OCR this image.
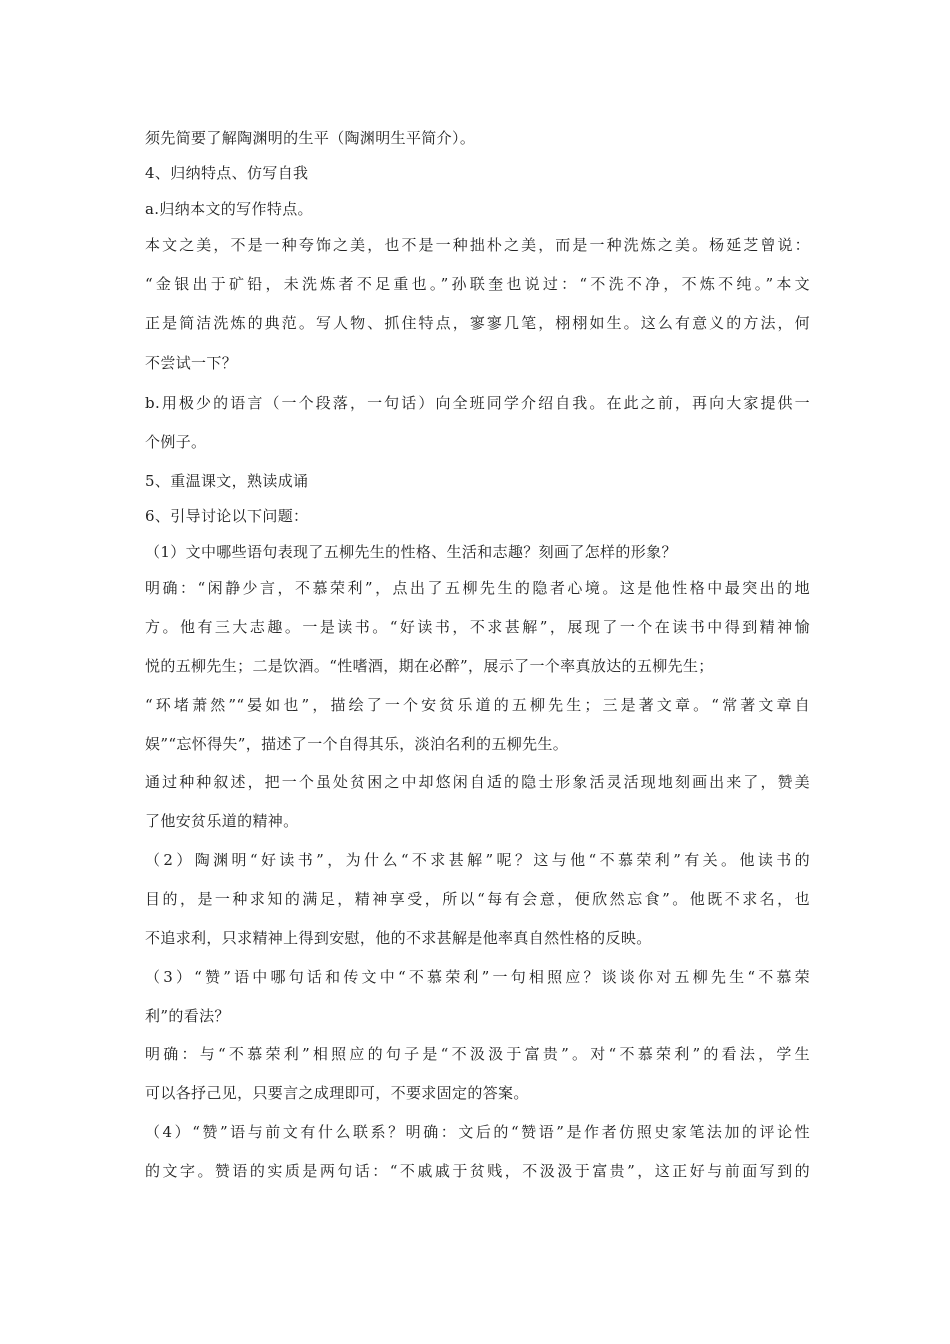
须先简要了解陶渊明的生平（陶渊明生平简介）。
4、归纳特点、仿写自我
a.归纳本文的写作特点。
本文之美，不是一种夸饰之美，也不是一种拙朴之美，而是一种洗炼之美。杨延芝曾说：
“金银出于矿铅，未洗炼者不足重也。”孙联奎也说过：“不洗不净，不炼不纯。”本文
正是简洁洗炼的典范。写人物、抓住特点，寥寥几笔，栩栩如生。这么有意义的方法，何
不尝试一下？
b.用极少的语言（一个段落，一句话）向全班同学介绍自我。在此之前，再向大家提供一
个例子。
5、重温课文，熟读成诵
6、引导讨论以下问题：
（1）文中哪些语句表现了五柳先生的性格、生活和志趣？刻画了怎样的形象？
明确：“闲静少言，不慕荣利”，点出了五柳先生的隐者心境。这是他性格中最突出的地
方。他有三大志趣。一是读书。“好读书，不求甚解”，展现了一个在读书中得到精神愉
悦的五柳先生；二是饮酒。“性嗜酒，期在必醉”，展示了一个率真放达的五柳先生；
“环堵萧然”“晏如也”，描绘了一个安贫乐道的五柳先生；三是著文章。“常著文章自
娱”“忘怀得失”，描述了一个自得其乐，淡泊名利的五柳先生。
通过种种叙述，把一个虽处贫困之中却悠闲自适的隐士形象活灵活现地刻画出来了，赞美
了他安贫乐道的精神。
（2）陶渊明“好读书”，为什么“不求甚解”呢？这与他“不慕荣利”有关。他读书的
目的，是一种求知的满足，精神享受，所以“每有会意，便欣然忘食”。他既不求名，也
不追求利，只求精神上得到安慰，他的不求甚解是他率真自然性格的反映。
（3）“赞”语中哪句话和传文中“不慕荣利”一句相照应？谈谈你对五柳先生“不慕荣
利”的看法？
明确：与“不慕荣利”相照应的句子是“不汲汲于富贵”。对“不慕荣利”的看法，学生
可以各抒己见，只要言之成理即可，不要求固定的答案。
（4）“赞”语与前文有什么联系？明确：文后的“赞语”是作者仿照史家笔法加的评论性
的文字。赞语的实质是两句话：“不戚戚于贫贱，不汲汲于富贵”，这正好与前面写到的
